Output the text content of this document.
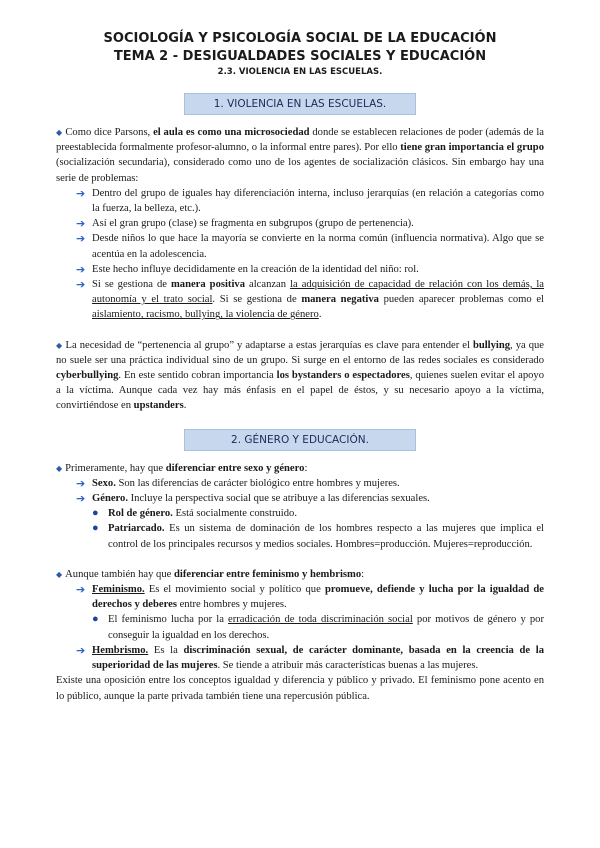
SOCIOLOGÍA Y PSICOLOGÍA SOCIAL DE LA EDUCACIÓN
TEMA 2 - DESIGUALDADES SOCIALES Y EDUCACIÓN
2.3. VIOLENCIA EN LAS ESCUELAS.
1. VIOLENCIA EN LAS ESCUELAS.

◆ Como dice Parsons, el aula es como una microsociedad donde se establecen relaciones de poder (además de la preestablecida formalmente profesor-alumno, o la informal entre pares). Por ello tiene gran importancia el grupo (socialización secundaria), considerado como uno de los agentes de socialización clásicos. Sin embargo hay una serie de problemas:

➔ Dentro del grupo de iguales hay diferenciación interna, incluso jerarquías (en relación a categorías como la fuerza, la belleza, etc.).
➔ Así el gran grupo (clase) se fragmenta en subgrupos (grupo de pertenencia).
➔ Desde niños lo que hace la mayoría se convierte en la norma común (influencia normativa). Algo que se acentúa en la adolescencia.
➔ Este hecho influye decididamente en la creación de la identidad del niño: rol.
➔ Si se gestiona de manera positiva alcanzan la adquisición de capacidad de relación con los demás, la autonomía y el trato social. Si se gestiona de manera negativa pueden aparecer problemas como el aislamiento, racismo, bullying, la violencia de género.

◆ La necesidad de “pertenencia al grupo” y adaptarse a estas jerarquías es clave para entender el bullying, ya que no suele ser una práctica individual sino de un grupo. Si surge en el entorno de las redes sociales es considerado cyberbullying. En este sentido cobran importancia los bystanders o espectadores, quienes suelen evitar el apoyo a la víctima. Aunque cada vez hay más énfasis en el papel de éstos, y su necesario apoyo a la víctima, convirtiéndose en upstanders.

2. GÉNERO Y EDUCACIÓN.

◆ Primeramente, hay que diferenciar entre sexo y género:

➔ Sexo. Son las diferencias de carácter biológico entre hombres y mujeres.
➔ Género. Incluye la perspectiva social que se atribuye a las diferencias sexuales.
● Rol de género. Está socialmente construido.
● Patriarcado. Es un sistema de dominación de los hombres respecto a las mujeres que implica el control de los principales recursos y medios sociales. Hombres=producción. Mujeres=reproducción.

◆ Aunque también hay que diferenciar entre feminismo y hembrismo:

➔ Feminismo. Es el movimiento social y político que promueve, defiende y lucha por la igualdad de derechos y deberes entre hombres y mujeres.
● El feminismo lucha por la erradicación de toda discriminación social por motivos de género y por conseguir la igualdad en los derechos.
➔ Hembrismo. Es la discriminación sexual, de carácter dominante, basada en la creencia de la superioridad de las mujeres. Se tiende a atribuir más características buenas a las mujeres.

Existe una oposición entre los conceptos igualdad y diferencia y público y privado. El feminismo pone acento en lo público, aunque la parte privada también tiene una repercusión pública.
